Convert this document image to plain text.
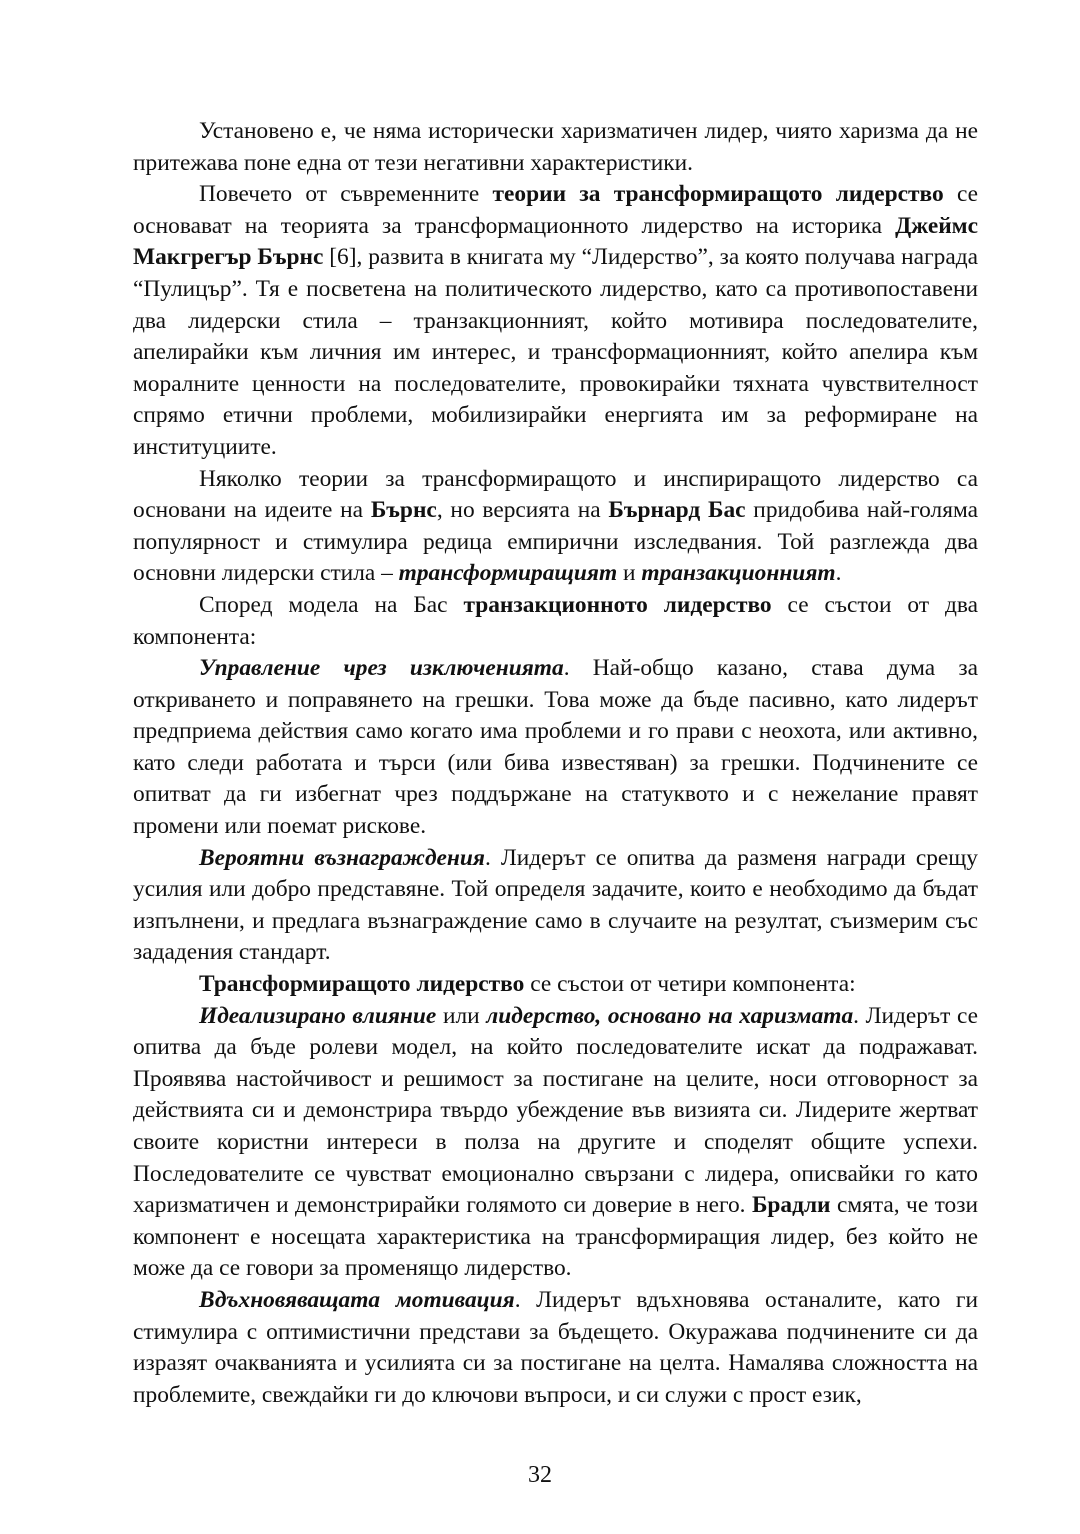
Установено е, че няма исторически харизматичен лидер, чиято харизма да не притежава поне една от тези негативни характеристики.

Повечето от съвременните теории за трансформиращото лидерство се основават на теорията за трансформационното лидерство на историка Джеймс Макгрегър Бърнс [6], развита в книгата му “Лидерство”, за която получава награда “Пулицър”. Тя е посветена на политическото лидерство, като са противопоставени два лидерски стила – транзакционният, който мотивира последователите, апелирайки към личния им интерес, и трансформационният, който апелира към моралните ценности на последователите, провокирайки тяхната чувствителност спрямо етични проблеми, мобилизирайки енергията им за реформиране на институциите.

Няколко теории за трансформиращото и инспириращото лидерство са основани на идеите на Бърнс, но версията на Бърнард Бас придобива най-голяма популярност и стимулира редица емпирични изследвания. Той разглежда два основни лидерски стила – трансформиращият и транзакционният.

Според модела на Бас транзакционното лидерство се състои от два компонента:

Управление чрез изключенията. Най-общо казано, става дума за откриването и поправянето на грешки. Това може да бъде пасивно, като лидерът предприема действия само когато има проблеми и го прави с неохота, или активно, като следи работата и търси (или бива известяван) за грешки. Подчинените се опитват да ги избегнат чрез поддържане на статуквото и с нежелание правят промени или поемат рискове.

Вероятни възнаграждения. Лидерът се опитва да разменя награди срещу усилия или добро представяне. Той определя задачите, които е необходимо да бъдат изпълнени, и предлага възнаграждение само в случаите на резултат, съизмерим със зададения стандарт.

Трансформиращото лидерство се състои от четири компонента:

Идеализирано влияние или лидерство, основано на харизмата. Лидерът се опитва да бъде ролеви модел, на който последователите искат да подражават. Проявява настойчивост и решимост за постигане на целите, носи отговорност за действията си и демонстрира твърдо убеждение във визията си. Лидерите жертват своите користни интереси в полза на другите и споделят общите успехи. Последователите се чувстват емоционално свързани с лидера, описвайки го като харизматичен и демонстрирайки голямото си доверие в него. Брадли смята, че този компонент е носещата характеристика на трансформиращия лидер, без който не може да се говори за променящо лидерство.

Вдъхновяващата мотивация. Лидерът вдъхновява останалите, като ги стимулира с оптимистични представи за бъдещето. Окуражава подчинените си да изразят очакванията и усилията си за постигане на целта. Намалява сложността на проблемите, свеждайки ги до ключови въпроси, и си служи с прост език,

32
